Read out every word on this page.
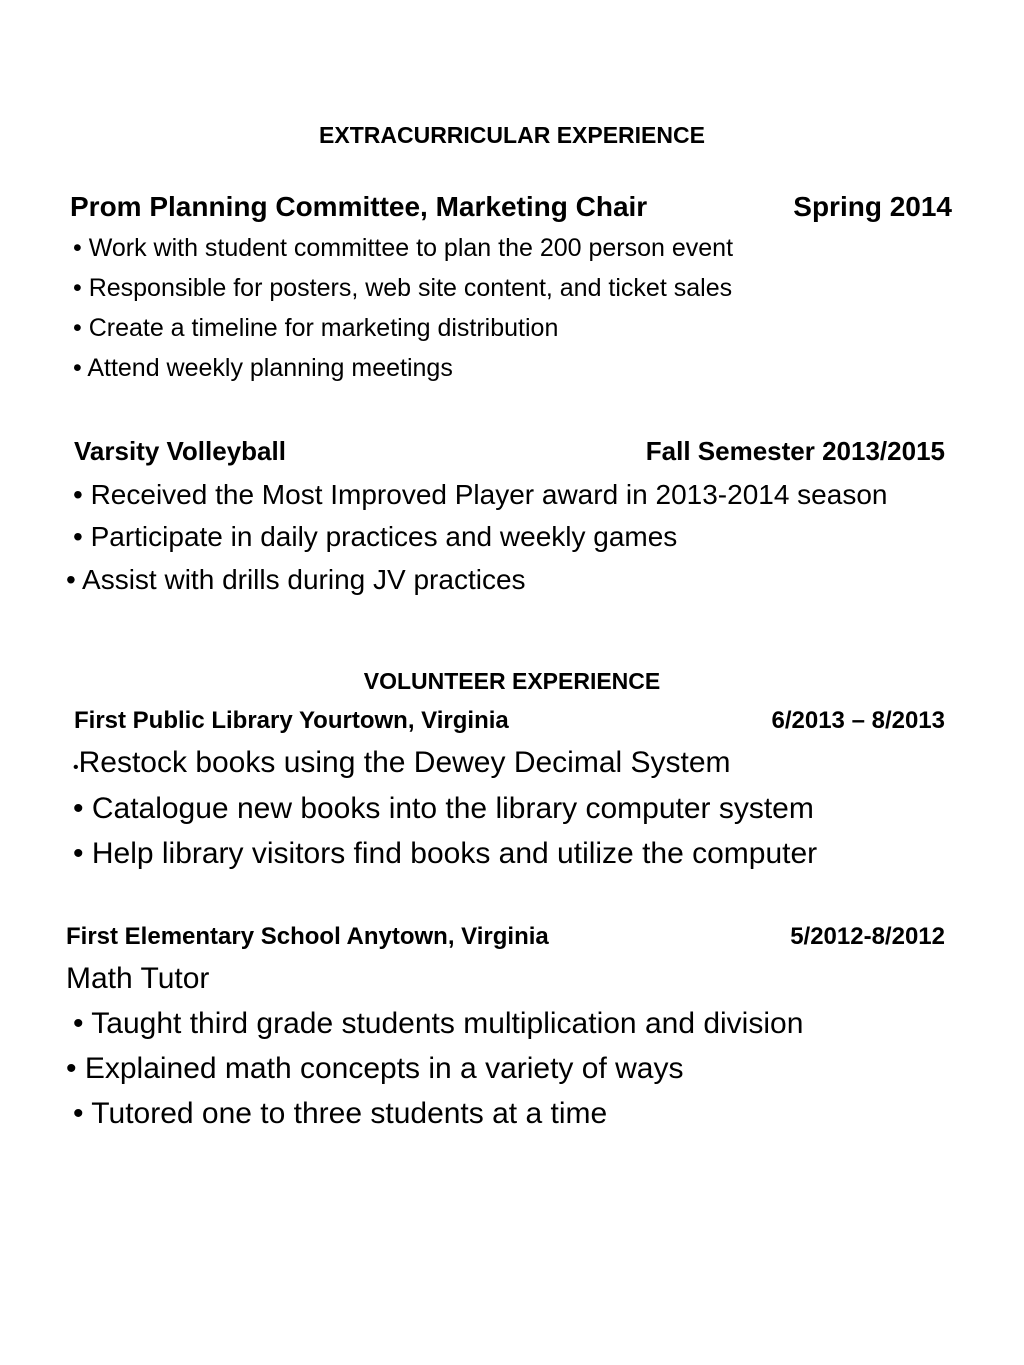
EXTRACURRICULAR EXPERIENCE
Prom Planning Committee, Marketing Chair	Spring 2014
• Work with student committee to plan the 200 person event
• Responsible for posters, web site content, and ticket sales
• Create a timeline for marketing distribution
• Attend weekly planning meetings
Varsity Volleyball	Fall Semester 2013/2015
• Received the Most Improved Player award in 2013-2014 season
• Participate in daily practices and weekly games
• Assist with drills during JV practices
VOLUNTEER EXPERIENCE
First Public Library Yourtown, Virginia	6/2013 – 8/2013
•Restock books using the Dewey Decimal System
• Catalogue new books into the library computer system
• Help library visitors find books and utilize the computer
First Elementary School Anytown, Virginia	5/2012-8/2012
Math Tutor
• Taught third grade students multiplication and division
• Explained math concepts in a variety of ways
• Tutored one to three students at a time
